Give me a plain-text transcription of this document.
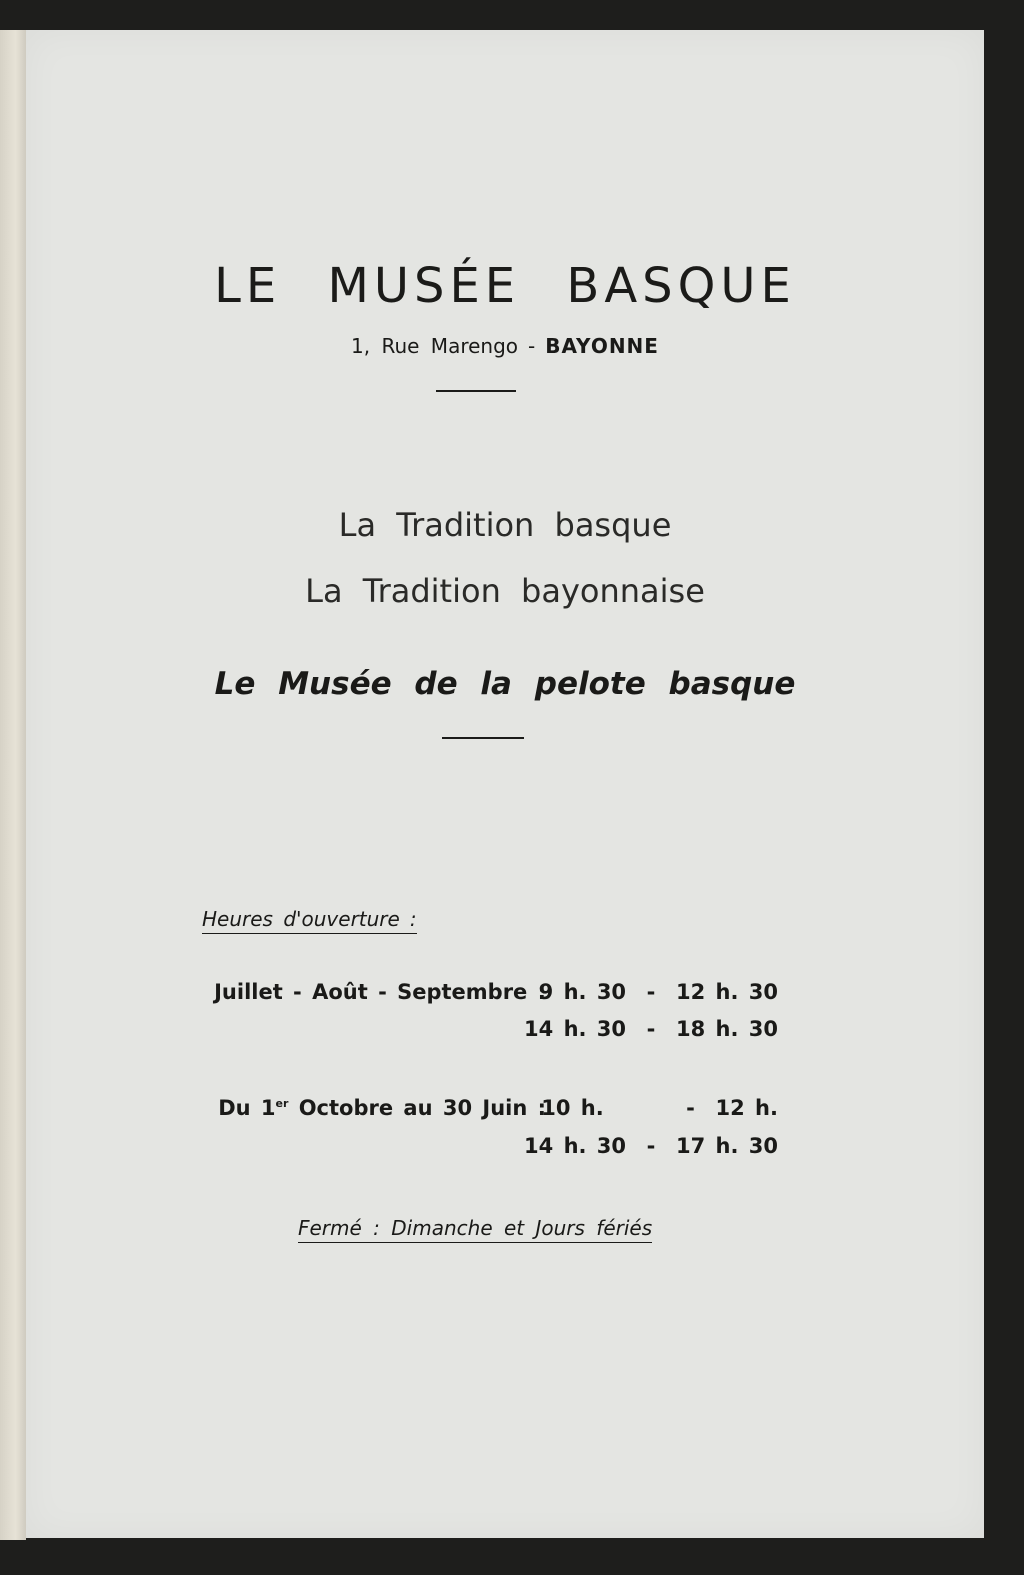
LE MUSÉE BASQUE
1, Rue Marengo - BAYONNE
La Tradition basque
La Tradition bayonnaise
Le Musée de la pelote basque
Heures d'ouverture :
Juillet - Août - Septembre :
9 h. 30  -  12 h. 30
14 h. 30  -  18 h. 30
Du 1er Octobre au 30 Juin :
10 h.        -  12 h.
14 h. 30  -  17 h. 30
Fermé : Dimanche et Jours fériés
